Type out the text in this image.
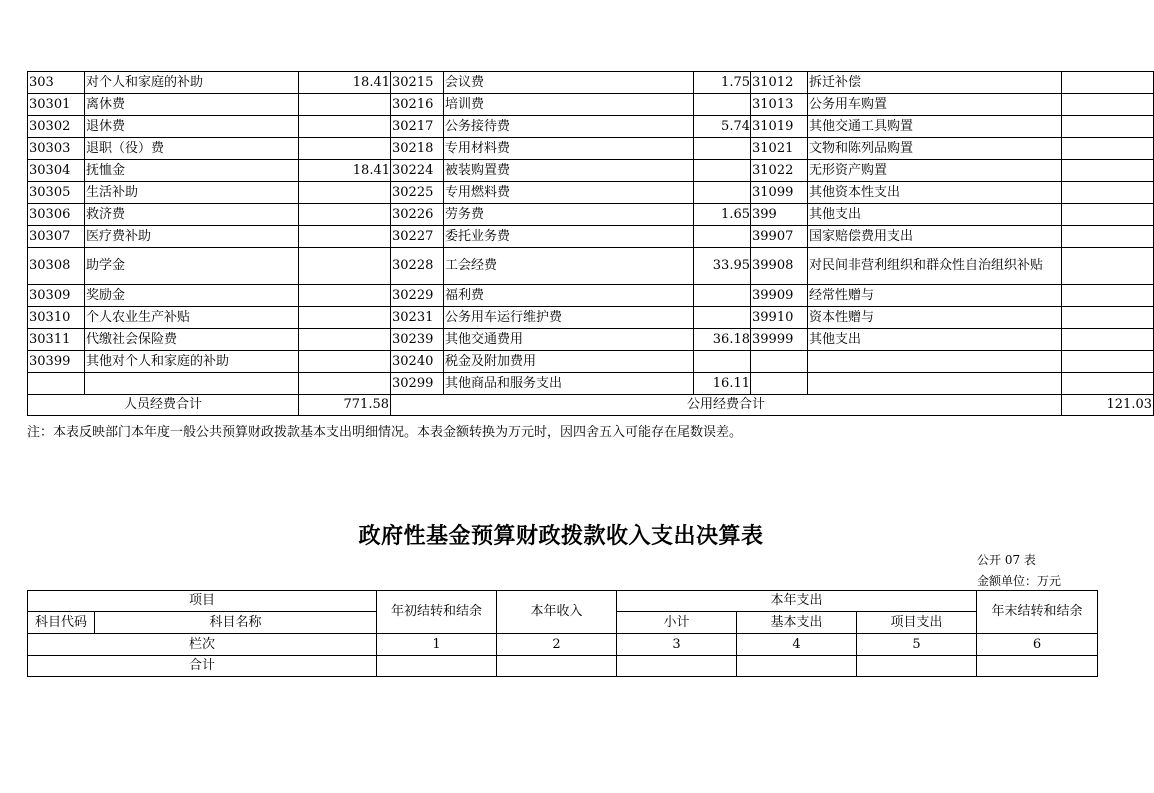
303	对个人和家庭的补助	18.41	30215	会议费	1.75	31012	拆迁补偿	
30301	离休费		30216	培训费		31013	公务用车购置	
30302	退休费		30217	公务接待费	5.74	31019	其他交通工具购置	
30303	退职（役）费		30218	专用材料费		31021	文物和陈列品购置	
30304	抚恤金	18.41	30224	被装购置费		31022	无形资产购置	
30305	生活补助		30225	专用燃料费		31099	其他资本性支出	
30306	救济费		30226	劳务费	1.65	399	其他支出	
30307	医疗费补助		30227	委托业务费		39907	国家赔偿费用支出	
30308	助学金		30228	工会经费	33.95	39908	对民间非营利组织和群众性自治组织补贴	
30309	奖励金		30229	福利费		39909	经常性赠与	
30310	个人农业生产补贴		30231	公务用车运行维护费		39910	资本性赠与	
30311	代缴社会保险费		30239	其他交通费用	36.18	39999	其他支出	
30399	其他对个人和家庭的补助		30240	税金及附加费用				
			30299	其他商品和服务支出	16.11			
人员经费合计		771.58	公用经费合计					121.03
注：本表反映部门本年度一般公共预算财政拨款基本支出明细情况。本表金额转换为万元时，因四舍五入可能存在尾数误差。
政府性基金预算财政拨款收入支出决算表
公开 07 表
金额单位：万元
项目		年初结转和结余	本年收入	本年支出			年末结转和结余
科目代码	科目名称			小计	基本支出	项目支出	
栏次		1	2	3	4	5	6
合计							
